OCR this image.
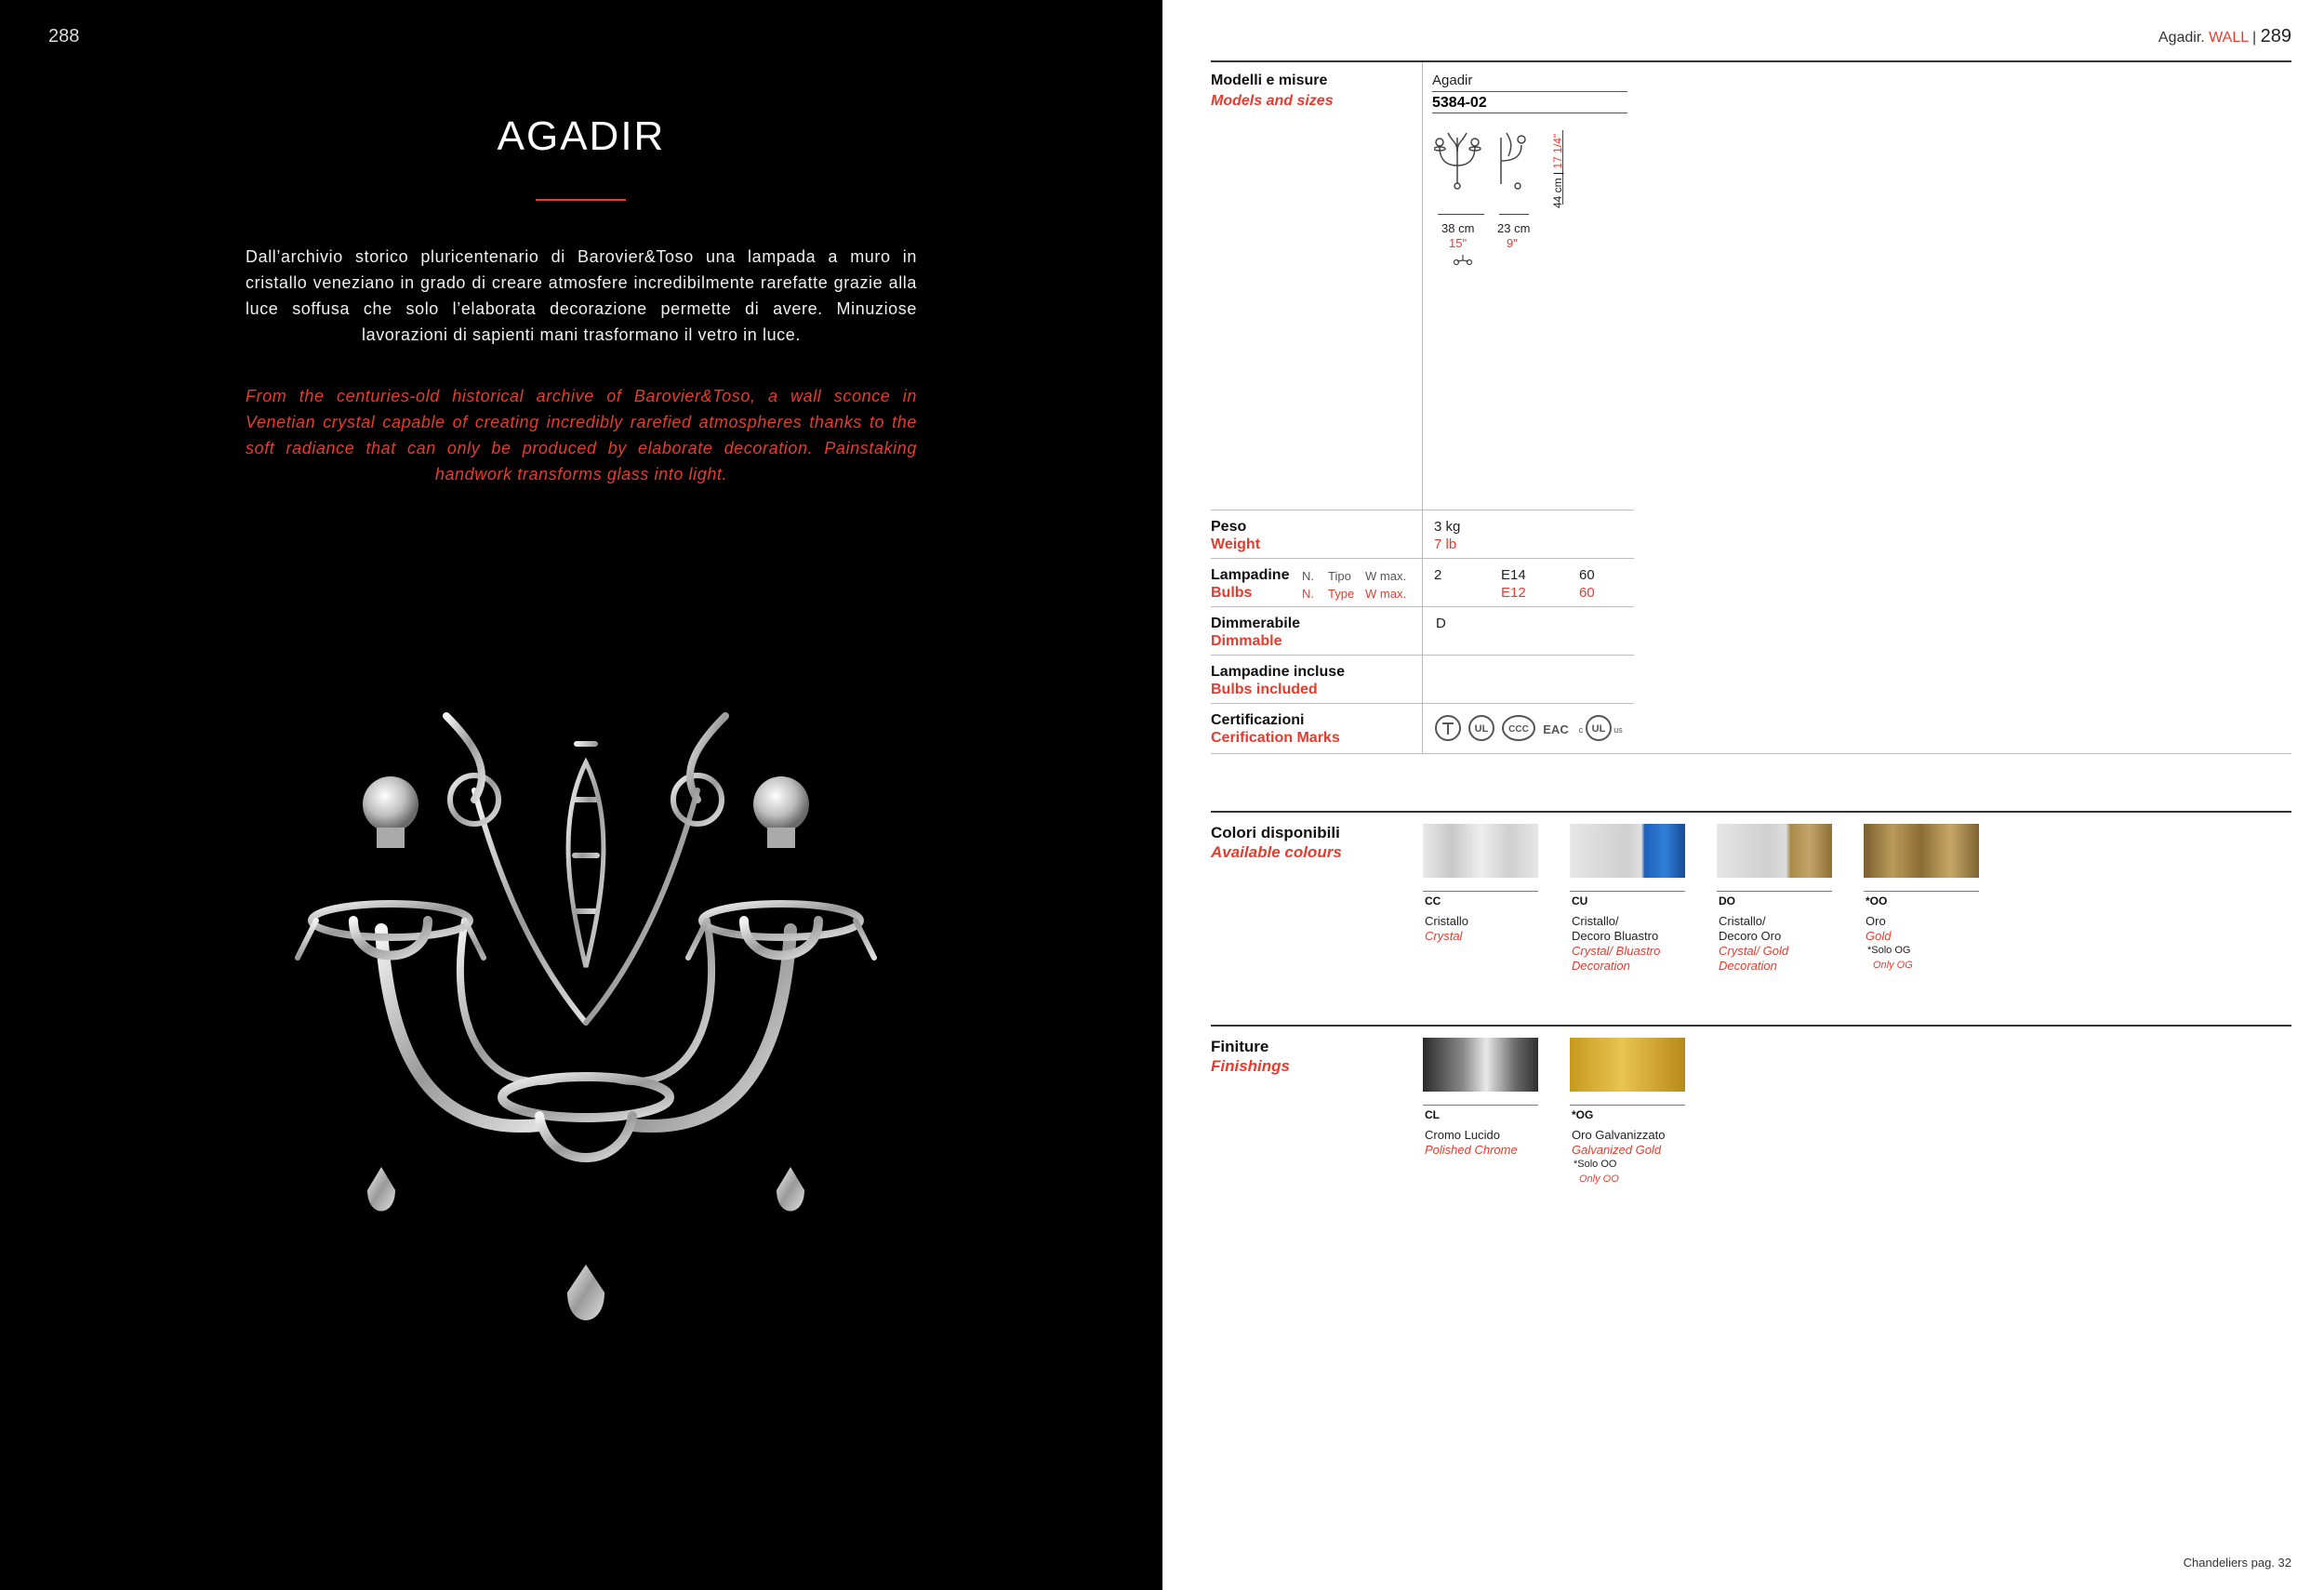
288
AGADIR
Dall’archivio storico pluricentenario di Barovier&Toso una lampada a muro in cristallo veneziano in grado di creare atmosfere incredibilmente rarefatte grazie alla luce soffusa che solo l’elaborata decorazione permette di avere. Minuziose lavorazioni di sapienti mani trasformano il vetro in luce.
From the centuries-old historical archive of Barovier&Toso, a wall sconce in Venetian crystal capable of creating incredibly rarefied atmospheres thanks to the soft radiance that can only be produced by elaborate decoration. Painstaking handwork transforms glass into light.
Agadir. WALL | 289
Modelli e misure
Models and sizes
Agadir
5384-02
38 cm
15"
23 cm
9"
44 cm | 17 1/4"
Peso
Weight
3 kg
7 lb
Lampadine
Bulbs
N. Tipo W max.
N. Type W max.
2	E14
E12
60
60
Dimmerabile
Dimmable
D
Lampadine incluse
Bulbs included
Certificazioni
Cerification Marks
UL CCC EAC c UL us
Colori disponibili
Available colours
CC
Cristallo
Crystal
CU
Cristallo/
Decoro Bluastro
Crystal/ Bluastro
Decoration
DO
Cristallo/
Decoro Oro
Crystal/ Gold
Decoration
*OO
Oro
Gold
*Solo OG
Only OG
Finiture
Finishings
CL
Cromo Lucido
Polished Chrome
*OG
Oro Galvanizzato
Galvanized Gold
*Solo OO
Only OO
Chandeliers pag. 32
